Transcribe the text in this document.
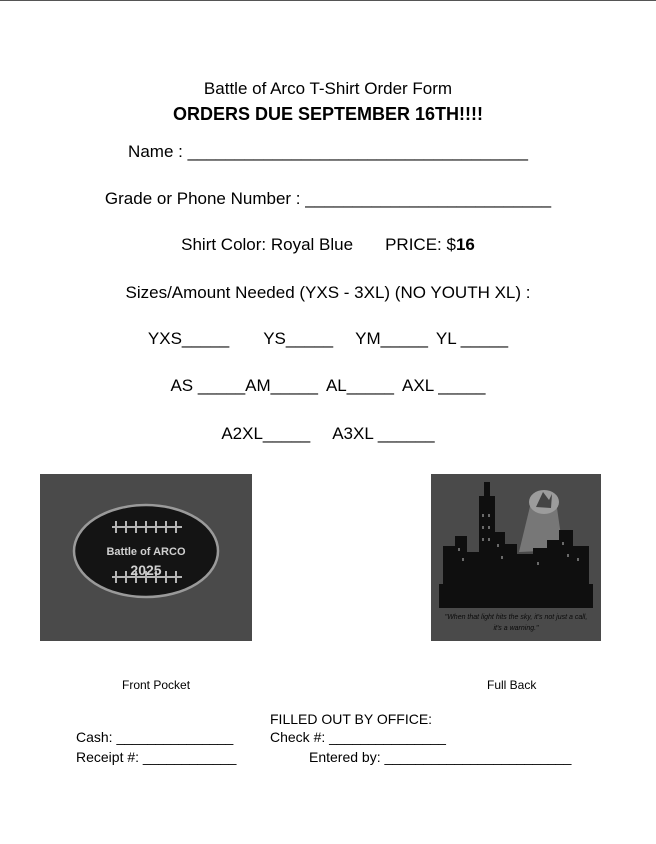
Battle of Arco T-Shirt Order Form
ORDERS DUE SEPTEMBER 16TH!!!!
Name : ____________________________________
Grade or Phone Number : __________________________
Shirt Color: Royal Blue PRICE: $16
Sizes/Amount Needed (YXS - 3XL) (NO YOUTH XL) :
YXS_____ YS_____ YM_____ YL _____
AS _____AM_____ AL_____ AXL _____
A2XL_____ A3XL ______
Battle of ARCO
2025
"When that light hits the sky, it's not just a call,
it's a warning."
Front Pocket	Full Back
FILLED OUT BY OFFICE:
Cash: _______________	Check #: _______________
Receipt #: ____________	Entered by: ________________________
